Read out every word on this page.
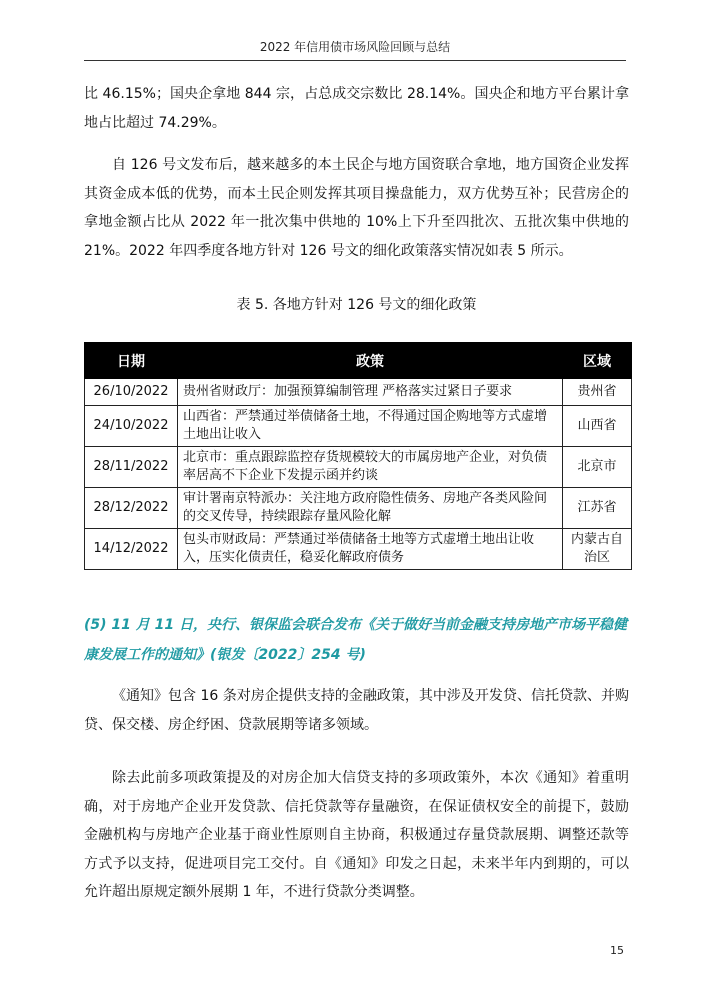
2022 年信用债市场风险回顾与总结

比 46.15%；国央企拿地 844 宗，占总成交宗数比 28.14%。国央企和地方平台累计拿地占比超过 74.29%。

自 126 号文发布后，越来越多的本土民企与地方国资联合拿地，地方国资企业发挥其资金成本低的优势，而本土民企则发挥其项目操盘能力，双方优势互补；民营房企的拿地金额占比从 2022 年一批次集中供地的 10%上下升至四批次、五批次集中供地的 21%。2022 年四季度各地方针对 126 号文的细化政策落实情况如表 5 所示。

表 5. 各地方针对 126 号文的细化政策
日期	政策	区域
26/10/2022	贵州省财政厅：加强预算编制管理 严格落实过紧日子要求	贵州省
24/10/2022	山西省：严禁通过举债储备土地，不得通过国企购地等方式虚增土地出让收入	山西省
28/11/2022	北京市：重点跟踪监控存货规模较大的市属房地产企业，对负债率居高不下企业下发提示函并约谈	北京市
28/12/2022	审计署南京特派办：关注地方政府隐性债务、房地产各类风险间的交叉传导，持续跟踪存量风险化解	江苏省
14/12/2022	包头市财政局：严禁通过举债储备土地等方式虚增土地出让收入，压实化债责任，稳妥化解政府债务	内蒙古自治区

(5) 11 月 11 日，央行、银保监会联合发布《关于做好当前金融支持房地产市场平稳健康发展工作的通知》(银发〔2022〕254 号)

《通知》包含 16 条对房企提供支持的金融政策，其中涉及开发贷、信托贷款、并购贷、保交楼、房企纾困、贷款展期等诸多领域。

除去此前多项政策提及的对房企加大信贷支持的多项政策外，本次《通知》着重明确，对于房地产企业开发贷款、信托贷款等存量融资，在保证债权安全的前提下，鼓励金融机构与房地产企业基于商业性原则自主协商，积极通过存量贷款展期、调整还款等方式予以支持，促进项目完工交付。自《通知》印发之日起，未来半年内到期的，可以允许超出原规定额外展期 1 年，不进行贷款分类调整。

15
